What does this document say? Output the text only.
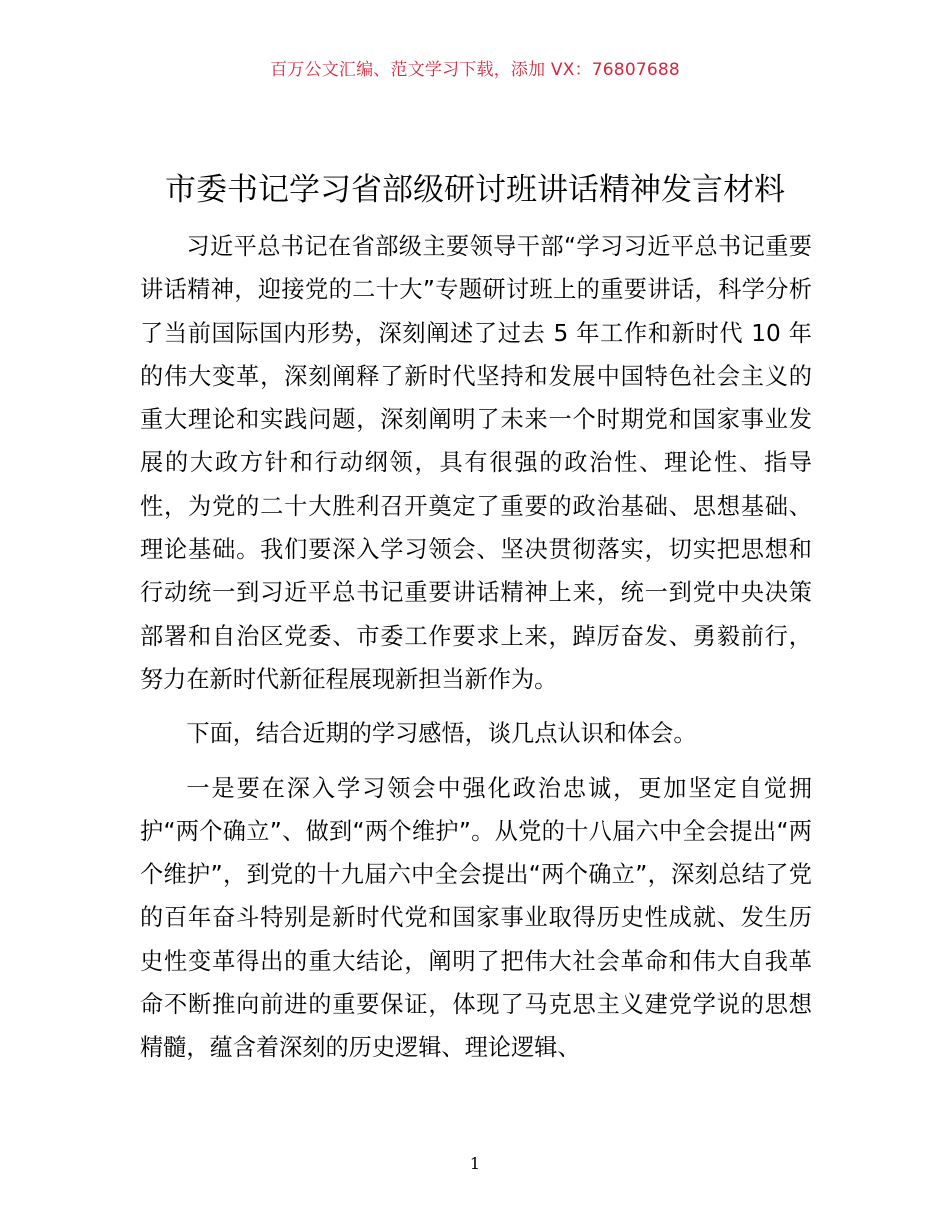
百万公文汇编、范文学习下载，添加 VX：76807688
市委书记学习省部级研讨班讲话精神发言材料

习近平总书记在省部级主要领导干部“学习习近平总书记重要讲话精神，迎接党的二十大”专题研讨班上的重要讲话，科学分析了当前国际国内形势，深刻阐述了过去 5 年工作和新时代 10 年的伟大变革，深刻阐释了新时代坚持和发展中国特色社会主义的重大理论和实践问题，深刻阐明了未来一个时期党和国家事业发展的大政方针和行动纲领，具有很强的政治性、理论性、指导性，为党的二十大胜利召开奠定了重要的政治基础、思想基础、理论基础。我们要深入学习领会、坚决贯彻落实，切实把思想和行动统一到习近平总书记重要讲话精神上来，统一到党中央决策部署和自治区党委、市委工作要求上来，踔厉奋发、勇毅前行，努力在新时代新征程展现新担当新作为。

下面，结合近期的学习感悟，谈几点认识和体会。

一是要在深入学习领会中强化政治忠诚，更加坚定自觉拥护“两个确立”、做到“两个维护”。从党的十八届六中全会提出“两个维护”，到党的十九届六中全会提出“两个确立”，深刻总结了党的百年奋斗特别是新时代党和国家事业取得历史性成就、发生历史性变革得出的重大结论，阐明了把伟大社会革命和伟大自我革命不断推向前进的重要保证，体现了马克思主义建党学说的思想精髓，蕴含着深刻的历史逻辑、理论逻辑、

1
